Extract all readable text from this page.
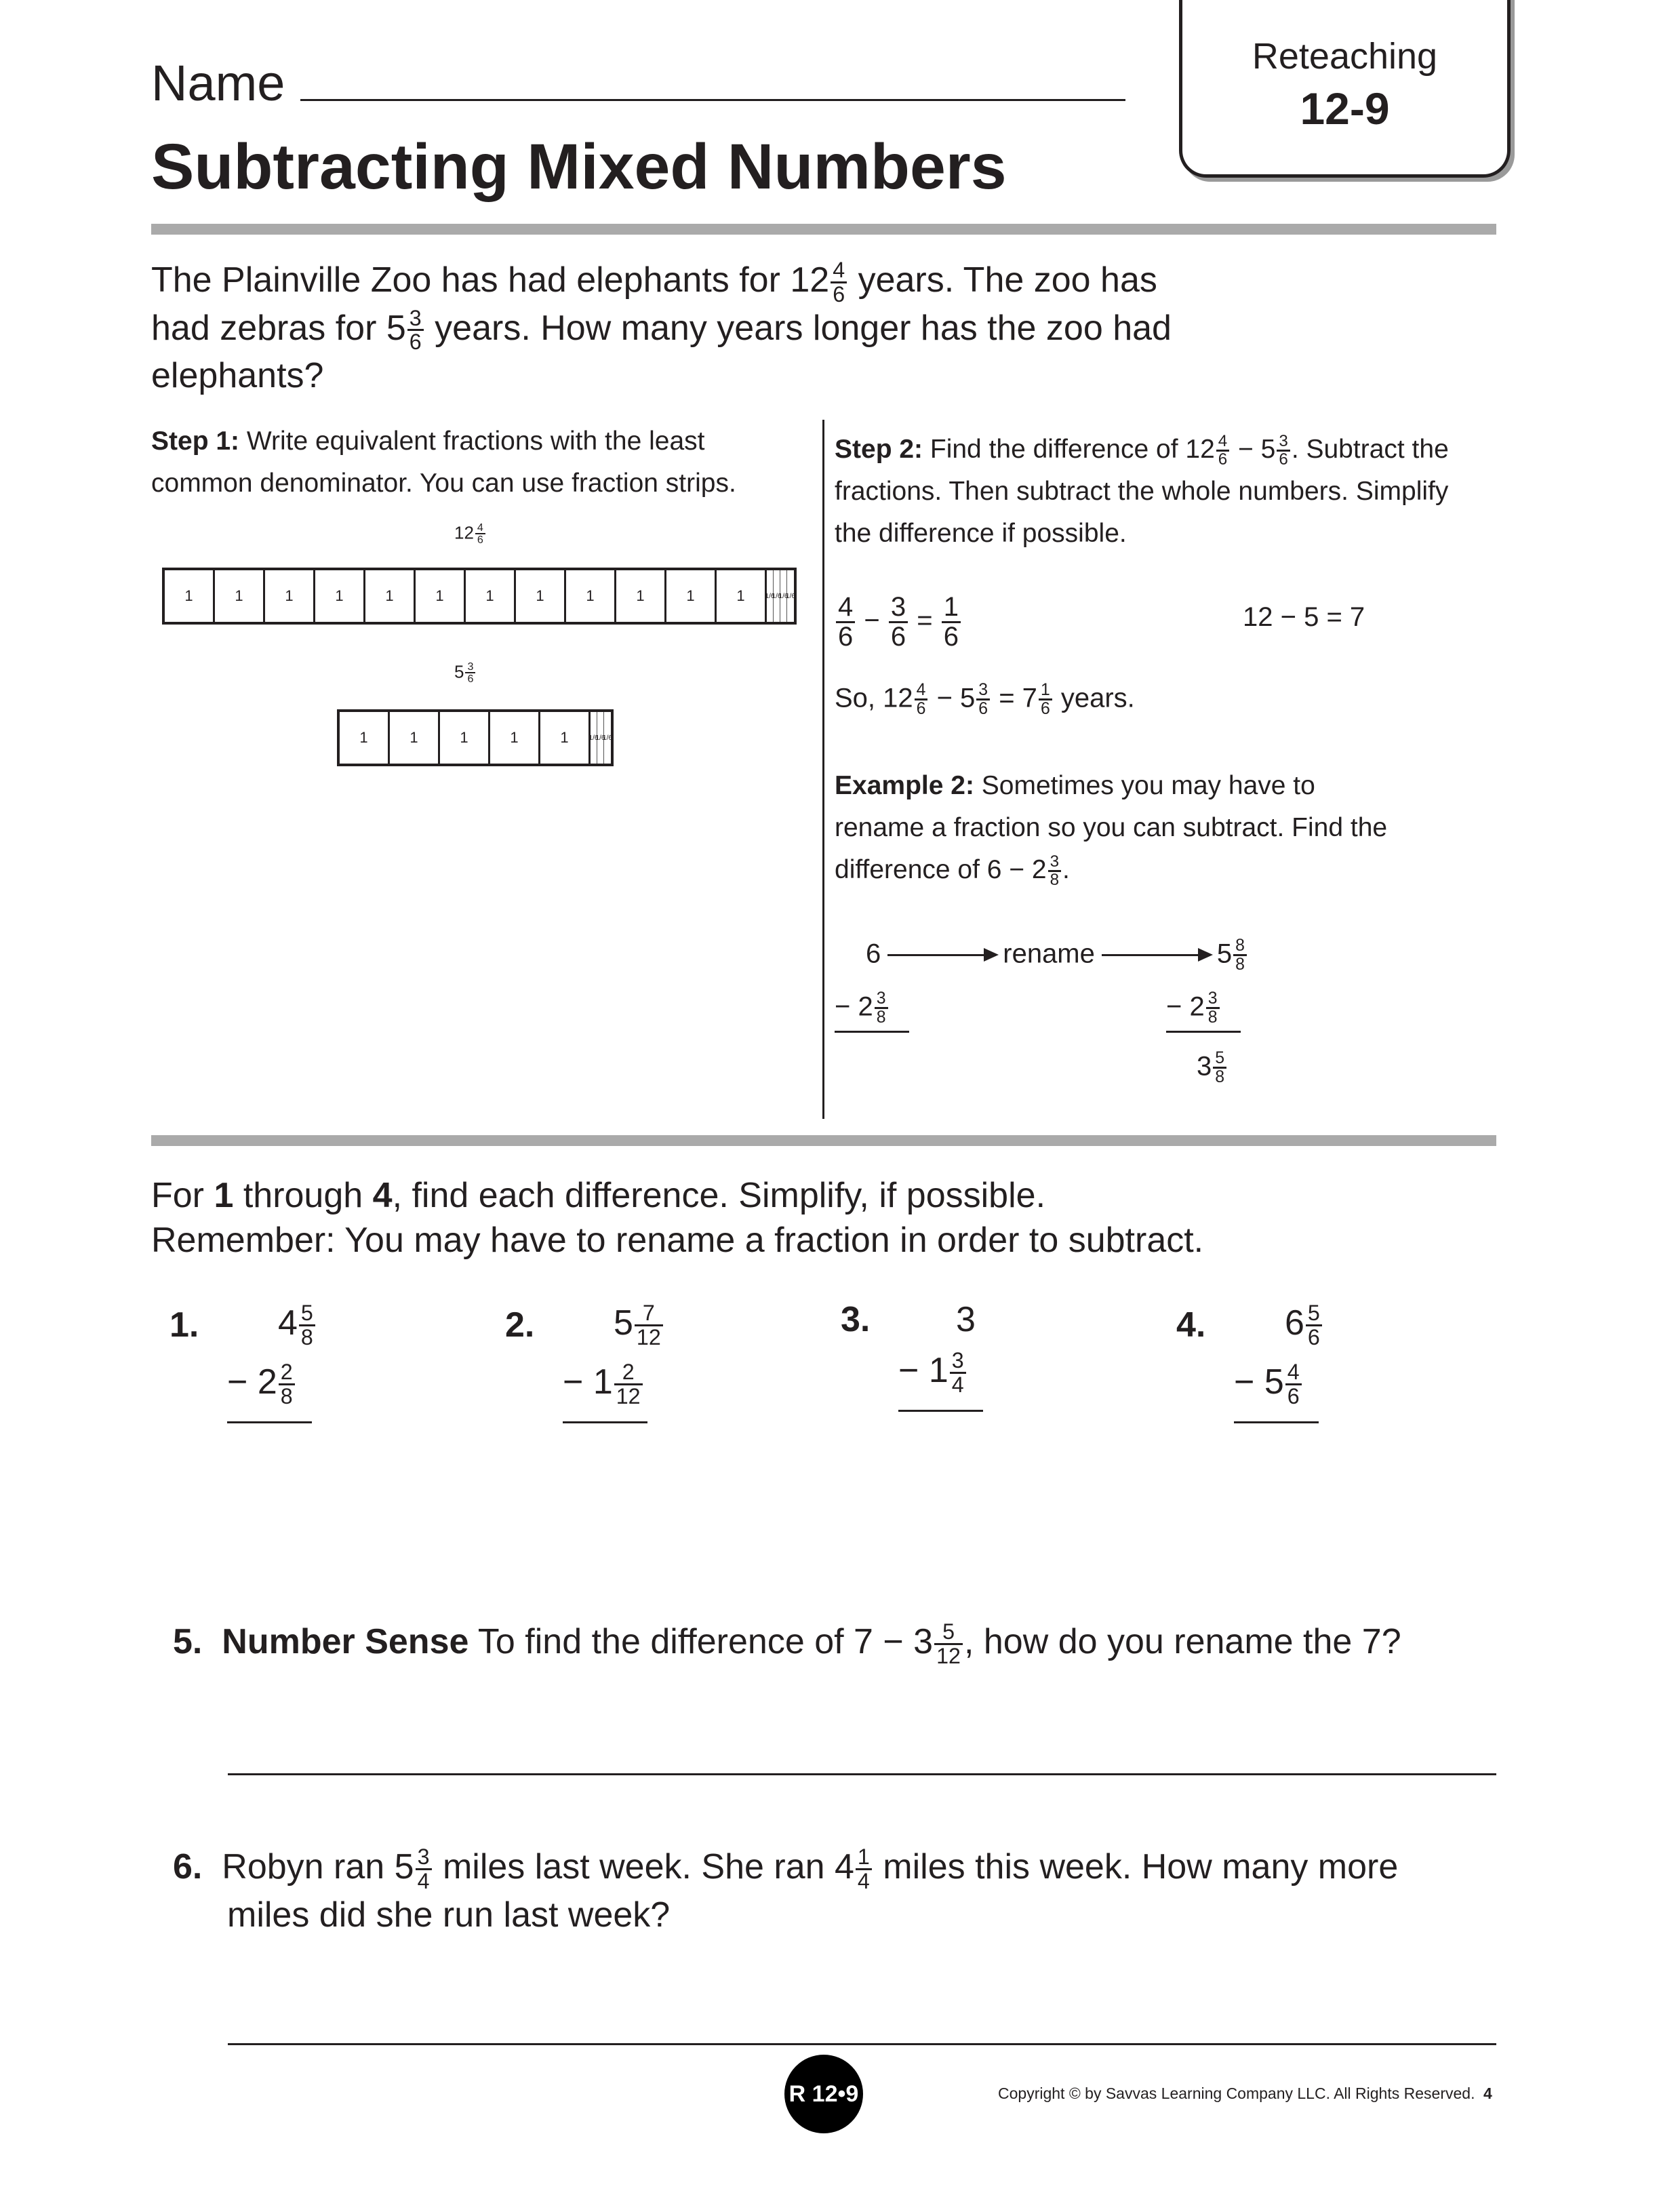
Name
Subtracting Mixed Numbers
Reteaching
12-9
The Plainville Zoo has had elephants for $12 \frac{4}{6}$ years. The zoo has
had zebras for $5 \frac{3}{6}$ years. How many years longer has the zoo had
elephants?
Step 1: Write equivalent fractions with the least common denominator. You can use fraction strips.
$12 \frac{4}{6}$
1	1	1	1	1	1	1	1	1	1	1	1	1/6
1/6
1/6
1/6
$5 \frac{3}{6}$
1	1	1	1	1	1/6
1/6
1/6
Step 2: Find the difference of $12 \frac{4}{6} - 5 \frac{3}{6}$ . Subtract the fractions. Then subtract the whole numbers. Simplify the difference if possible.
$\frac{4}{6} - \frac{3}{6} = \frac{1}{6}$	12 − 5 = 7
So, $12 \frac{4}{6} - 5 \frac{3}{6} = 7 \frac{1}{6}$ years.
Example 2: Sometimes you may have to rename a fraction so you can subtract. Find the difference of $6 - 2 \frac{3}{8}$ .
6	rename	$5 \frac{8}{8}$
− $2 \frac{3}{8}$	− $2 \frac{3}{8}$
$3 \frac{5}{8}$
For 1 through 4, find each difference. Simplify, if possible.
Remember: You may have to rename a fraction in order to subtract.
1.	$4 \frac{5}{8}$
− $2 \frac{2}{8}$
2.	$5 \frac{7}{12}$
− $1 \frac{2}{12}$
3.	3
− $1 \frac{3}{4}$
4.	$6 \frac{5}{6}$
− $5 \frac{4}{6}$
5. Number Sense To find the difference of $7 - 3 \frac{5}{12}$ , how do you rename the 7?
6. Robyn ran $5 \frac{3}{4}$ miles last week. She ran $4 \frac{1}{4}$ miles this week. How many more
miles did she run last week?
R 12•9	Copyright © by Savvas Learning Company LLC. All Rights Reserved. 4
